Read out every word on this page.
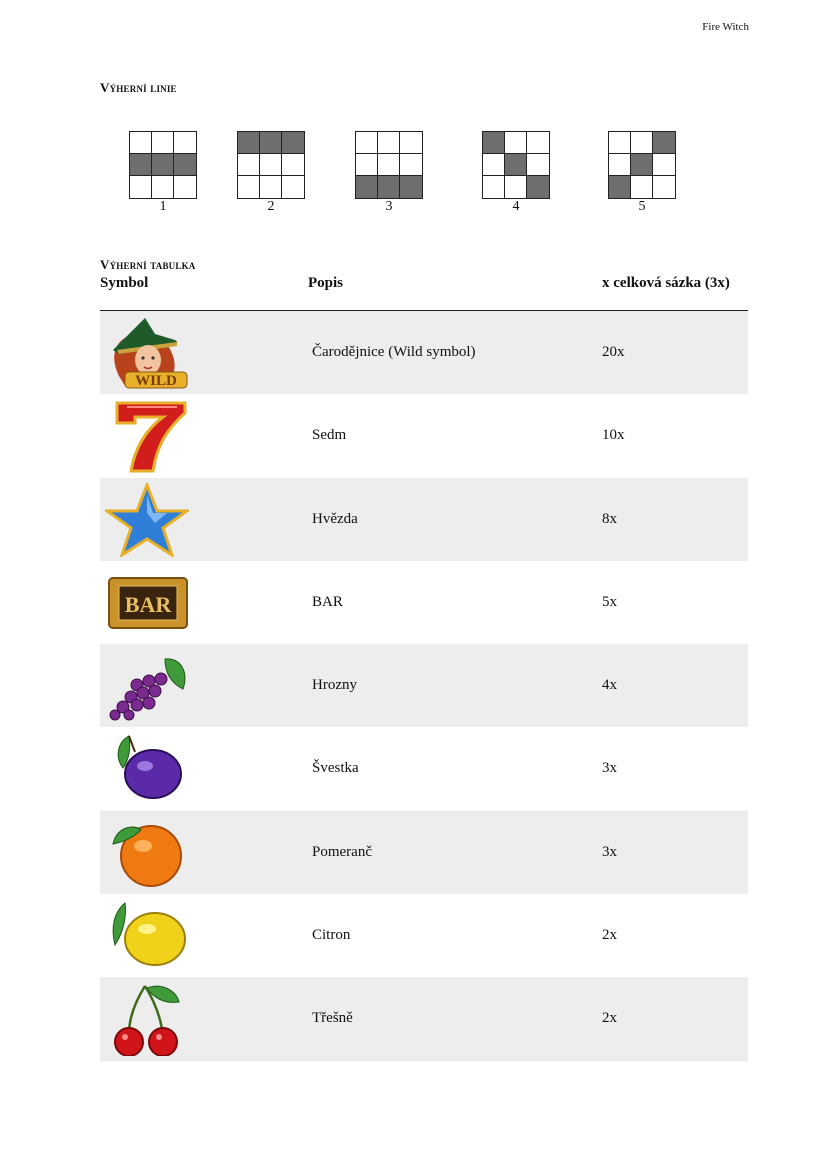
Fire Witch
Výherní linie
1	2	3	4	5
Výherní tabulka
Symbol	Popis	x celková sázka (3x)
WILD
Čarodějnice (Wild symbol)	20x
Sedm	10x
Hvězda	8x
BAR	BAR	5x
Hrozny	4x
Švestka	3x
Pomeranč	3x
Citron	2x
Třešně	2x
